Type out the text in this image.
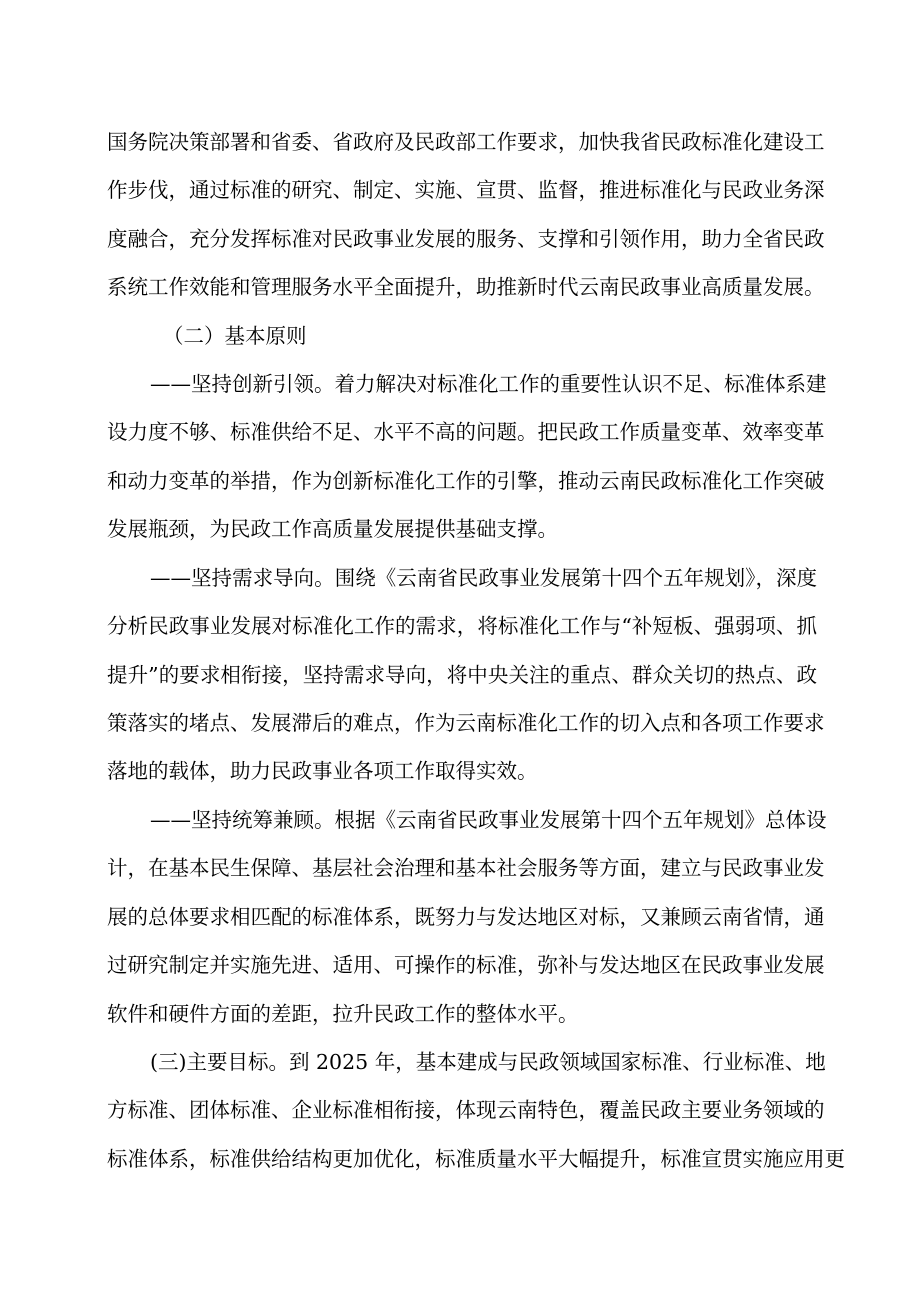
国务院决策部署和省委、省政府及民政部工作要求，加快我省民政标准化建设工
作步伐，通过标准的研究、制定、实施、宣贯、监督，推进标准化与民政业务深
度融合，充分发挥标准对民政事业发展的服务、支撑和引领作用，助力全省民政
系统工作效能和管理服务水平全面提升，助推新时代云南民政事业高质量发展。
（二）基本原则
——坚持创新引领。着力解决对标准化工作的重要性认识不足、标准体系建
设力度不够、标准供给不足、水平不高的问题。把民政工作质量变革、效率变革
和动力变革的举措，作为创新标准化工作的引擎，推动云南民政标准化工作突破
发展瓶颈，为民政工作高质量发展提供基础支撑。
——坚持需求导向。围绕《云南省民政事业发展第十四个五年规划》，深度
分析民政事业发展对标准化工作的需求，将标准化工作与“补短板、强弱项、抓
提升”的要求相衔接，坚持需求导向，将中央关注的重点、群众关切的热点、政
策落实的堵点、发展滞后的难点，作为云南标准化工作的切入点和各项工作要求
落地的载体，助力民政事业各项工作取得实效。
——坚持统筹兼顾。根据《云南省民政事业发展第十四个五年规划》总体设
计，在基本民生保障、基层社会治理和基本社会服务等方面，建立与民政事业发
展的总体要求相匹配的标准体系，既努力与发达地区对标，又兼顾云南省情，通
过研究制定并实施先进、适用、可操作的标准，弥补与发达地区在民政事业发展
软件和硬件方面的差距，拉升民政工作的整体水平。
(三)主要目标。到 2025 年，基本建成与民政领域国家标准、行业标准、地
方标准、团体标准、企业标准相衔接，体现云南特色，覆盖民政主要业务领域的
标准体系，标准供给结构更加优化，标准质量水平大幅提升，标准宣贯实施应用更
